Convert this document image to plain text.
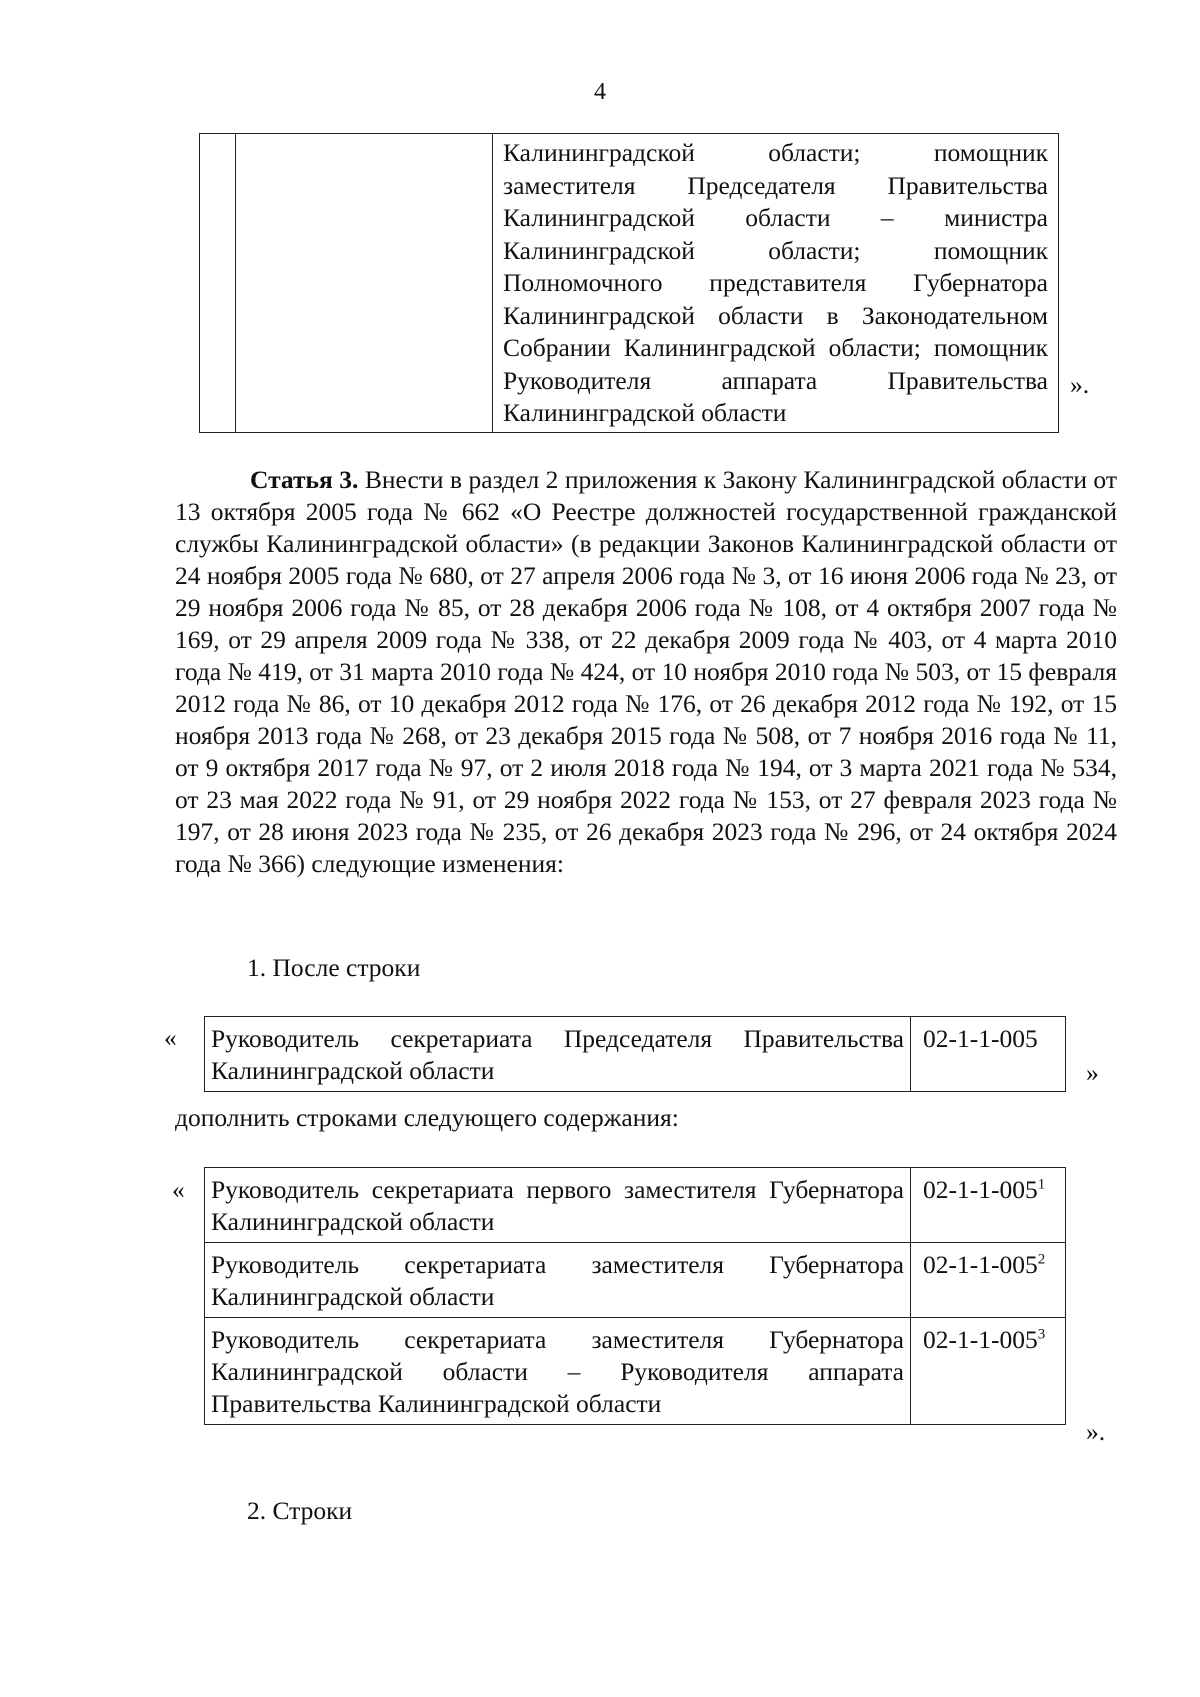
4
		Калининградской области; помощник заместителя Председателя Правительства Калининградской области – министра Калининградской области; помощник Полномочного представителя Губернатора Калининградской области в Законодательном Собрании Калининградской области; помощник Руководителя аппарата Правительства Калининградской области
».
Статья 3. Внести в раздел 2 приложения к Закону Калининградской области от 13 октября 2005 года № 662 «О Реестре должностей государственной гражданской службы Калининградской области» (в редакции Законов Калининградской области от 24 ноября 2005 года № 680, от 27 апреля 2006 года № 3, от 16 июня 2006 года № 23, от 29 ноября 2006 года № 85, от 28 декабря 2006 года № 108, от 4 октября 2007 года № 169, от 29 апреля 2009 года № 338, от 22 декабря 2009 года № 403, от 4 марта 2010 года № 419, от 31 марта 2010 года № 424, от 10 ноября 2010 года № 503, от 15 февраля 2012 года № 86, от 10 декабря 2012 года № 176, от 26 декабря 2012 года № 192, от 15 ноября 2013 года № 268, от 23 декабря 2015 года № 508, от 7 ноября 2016 года № 11, от 9 октября 2017 года № 97, от 2 июля 2018 года № 194, от 3 марта 2021 года № 534, от 23 мая 2022 года № 91, от 29 ноября 2022 года № 153, от 27 февраля 2023 года № 197, от 28 июня 2023 года № 235, от 26 декабря 2023 года № 296, от 24 октября 2024 года № 366) следующие изменения:
1. После строки
« Руководитель секретариата Председателя Правительства Калининградской области	02-1-1-005
»
дополнить строками следующего содержания:
« Руководитель секретариата первого заместителя Губернатора Калининградской области	$02-1-1-005^1$
Руководитель секретариата заместителя Губернатора Калининградской области	$02-1-1-005^2$
Руководитель секретариата заместителя Губернатора Калининградской области – Руководителя аппарата Правительства Калининградской области	$02-1-1-005^3$
».
2. Строки
